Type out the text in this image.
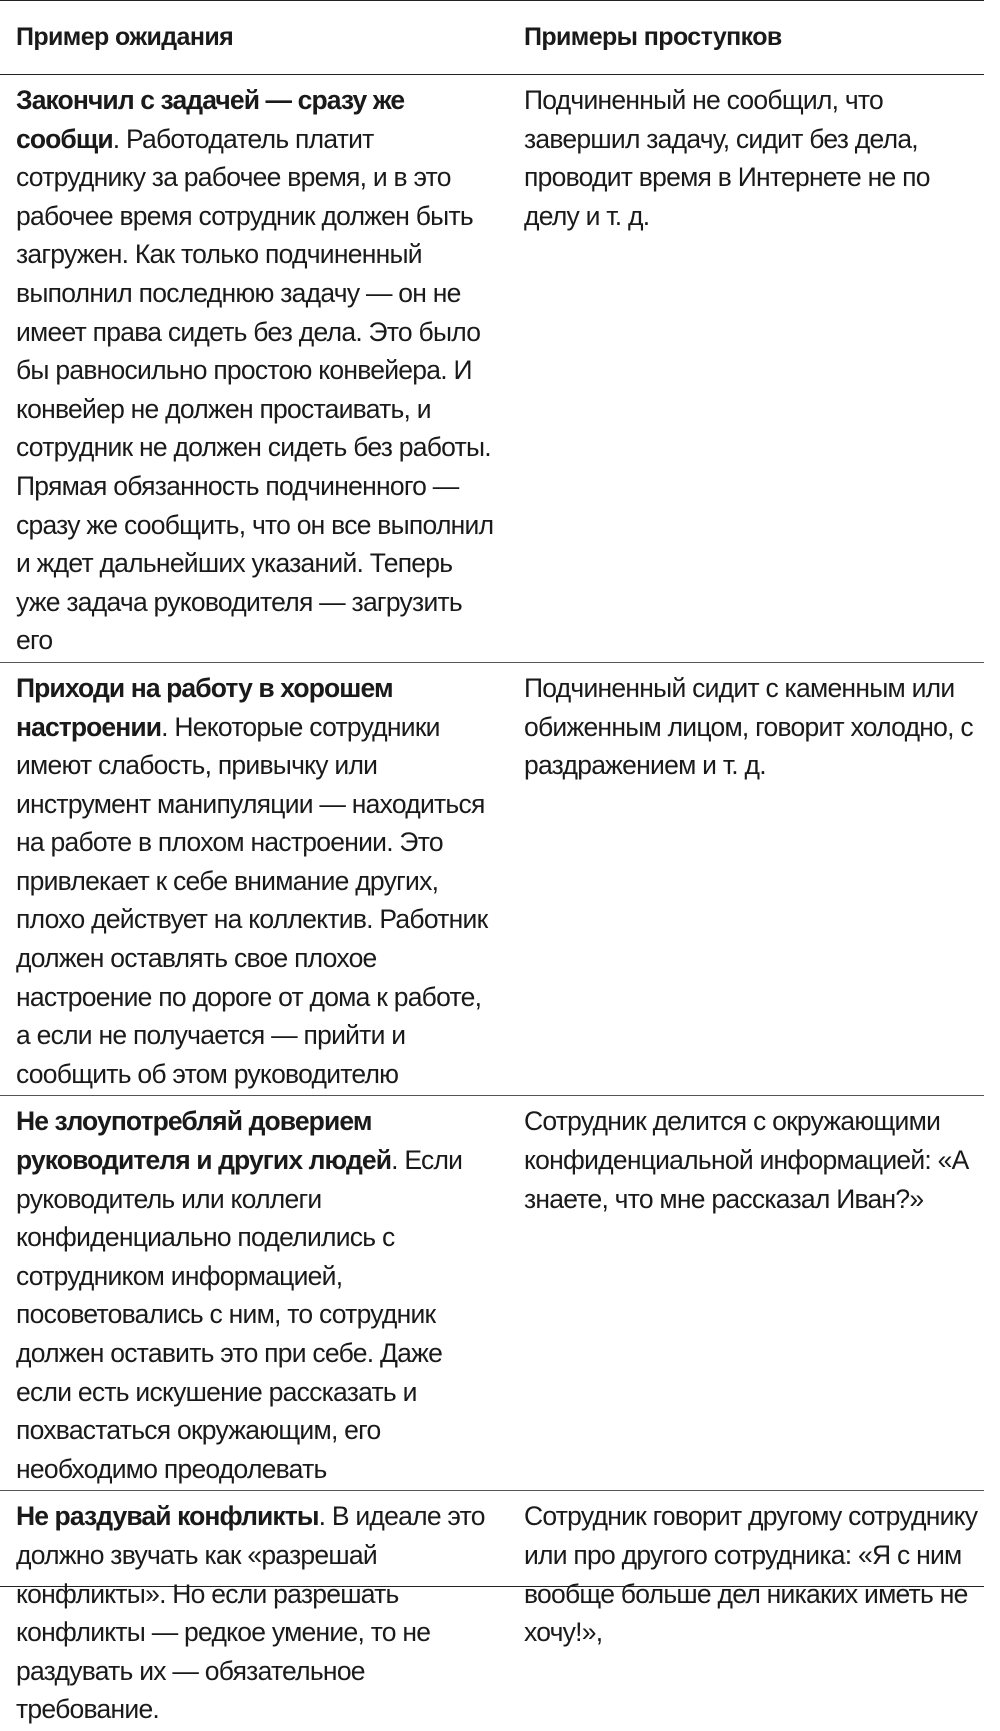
Пример ожидания	Примеры проступков
Закончил с задачей — сразу же сообщи. Работодатель платит сотруднику за рабочее время, и в это рабочее время сотрудник должен быть загружен. Как только подчиненный выполнил последнюю задачу — он не имеет права сидеть без дела. Это было бы равносильно простою конвейера. И конвейер не должен простаивать, и сотрудник не должен сидеть без работы. Прямая обязанность подчиненного — сразу же сообщить, что он все выполнил и ждет дальнейших указаний. Теперь уже задача руководителя — загрузить его	Подчиненный не сообщил, что завершил задачу, сидит без дела, проводит время в Интернете не по делу и т. д.
Приходи на работу в хорошем настроении. Некоторые сотрудники имеют слабость, привычку или инструмент манипуляции — находиться на работе в плохом настроении. Это привлекает к себе внимание других, плохо действует на коллектив. Работник должен оставлять свое плохое настроение по дороге от дома к работе, а если не получается — прийти и сообщить об этом руководителю	Подчиненный сидит с каменным или обиженным лицом, говорит холодно, с раздражением и т. д.
Не злоупотребляй доверием руководителя и других людей. Если руководитель или коллеги конфиденциально поделились с сотрудником информацией, посоветовались с ним, то сотрудник должен оставить это при себе. Даже если есть искушение рассказать и похвастаться окружающим, его необходимо преодолевать	Сотрудник делится с окружающими конфиденциальной информацией: «А знаете, что мне рассказал Иван?»
Не раздувай конфликты. В идеале это должно звучать как «разрешай конфликты». Но если разрешать конфликты — редкое умение, то не раздувать их — обязательное требование.	Сотрудник говорит другому сотруднику или про другого сотрудника: «Я с ним вообще больше дел никаких иметь не хочу!»,
